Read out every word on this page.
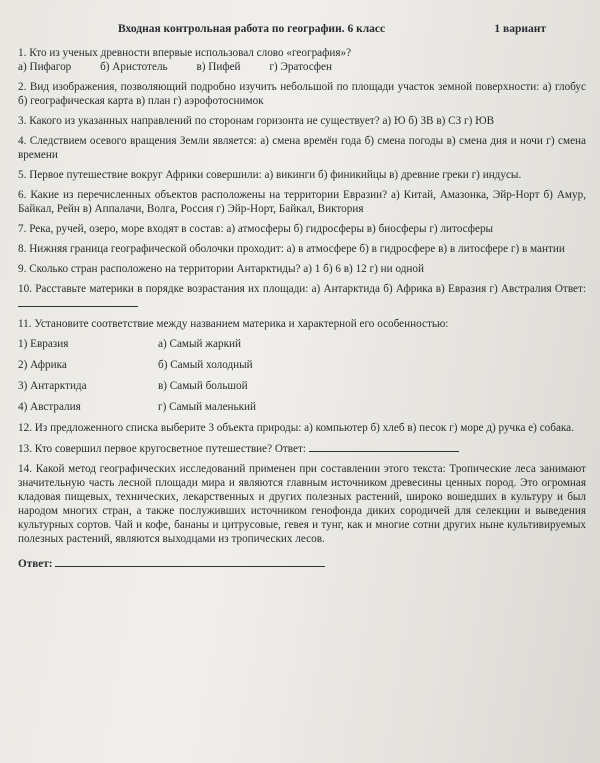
Входная контрольная работа по географии. 6 класс	1 вариант

1. Кто из ученых древности впервые использовал слово «география»?

а) Пифагор	б) Аристотель	в) Пифей	г) Эратосфен

2. Вид изображения, позволяющий подробно изучить небольшой по площади участок земной поверхности: а) глобус б) географическая карта в) план г) аэрофотоснимок

3. Какого из указанных направлений по сторонам горизонта не существует? а) Ю б) ЗВ в) СЗ г) ЮВ

4. Следствием осевого вращения Земли является: а) смена времён года б) смена погоды в) смена дня и ночи г) смена времени

5. Первое путешествие вокруг Африки совершили: а) викинги б) финикийцы в) древние греки г) индусы.

6. Какие из перечисленных объектов расположены на территории Евразии? а) Китай, Амазонка, Эйр-Норт б) Амур, Байкал, Рейн в) Аппалачи, Волга, Россия г) Эйр-Норт, Байкал, Виктория

7. Река, ручей, озеро, море входят в состав: а) атмосферы б) гидросферы в) биосферы г) литосферы

8. Нижняя граница географической оболочки проходит: а) в атмосфере б) в гидросфере в) в литосфере г) в мантии

9. Сколько стран расположено на территории Антарктиды? а) 1 б) 6 в) 12 г) ни одной

10. Расставьте материки в порядке возрастания их площади: а) Антарктида б) Африка в) Евразия г) Австралия Ответ:

11. Установите соответствие между названием материка и характерной его особенностью:

1) Евразия	а) Самый жаркий
2) Африка	б) Самый холодный
3) Антарктида	в) Самый большой
4) Австралия	г) Самый маленький

12. Из предложенного списка выберите 3 объекта природы: а) компьютер б) хлеб в) песок г) море д) ручка е) собака.

13. Кто совершил первое кругосветное путешествие? Ответ:

14. Какой метод географических исследований применен при составлении этого текста: Тропические леса занимают значительную часть лесной площади мира и являются главным источником древесины ценных пород. Это огромная кладовая пищевых, технических, лекарственных и других полезных растений, широко вошедших в культуру и был народом многих стран, а также послуживших источником генофонда диких сородичей для селекции и выведения культурных сортов. Чай и кофе, бананы и цитрусовые, гевея и тунг, как и многие сотни других ныне культивируемых полезных растений, являются выходцами из тропических лесов.

Ответ:
